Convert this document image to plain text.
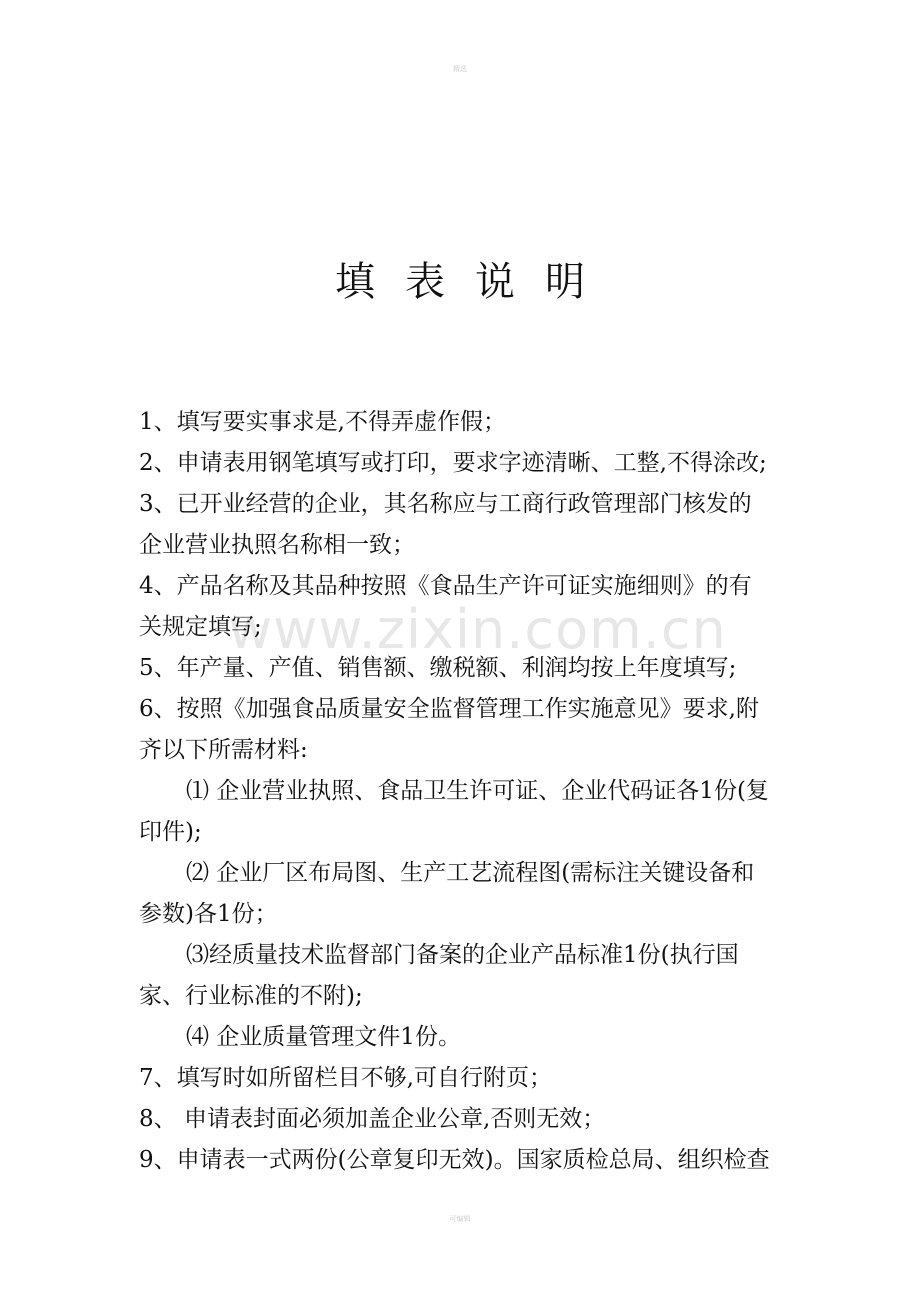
精选
填表说明
www.zixin.com.cn
1、填写要实事求是,不得弄虚作假；
2、申请表用钢笔填写或打印，要求字迹清晰、工整,不得涂改;
3、已开业经营的企业，其名称应与工商行政管理部门核发的
企业营业执照名称相一致；
4、产品名称及其品种按照《食品生产许可证实施细则》的有
关规定填写;
5、年产量、产值、销售额、缴税额、利润均按上年度填写;
6、按照《加强食品质量安全监督管理工作实施意见》要求,附
齐以下所需材料:
⑴ 企业营业执照、食品卫生许可证、企业代码证各1份(复
印件);
⑵ 企业厂区布局图、生产工艺流程图(需标注关键设备和
参数)各1份；
⑶经质量技术监督部门备案的企业产品标准1份(执行国
家、行业标准的不附);
⑷ 企业质量管理文件1份。
7、填写时如所留栏目不够,可自行附页；
8、 申请表封面必须加盖企业公章,否则无效；
9、申请表一式两份(公章复印无效)。国家质检总局、组织检查
可编辑
